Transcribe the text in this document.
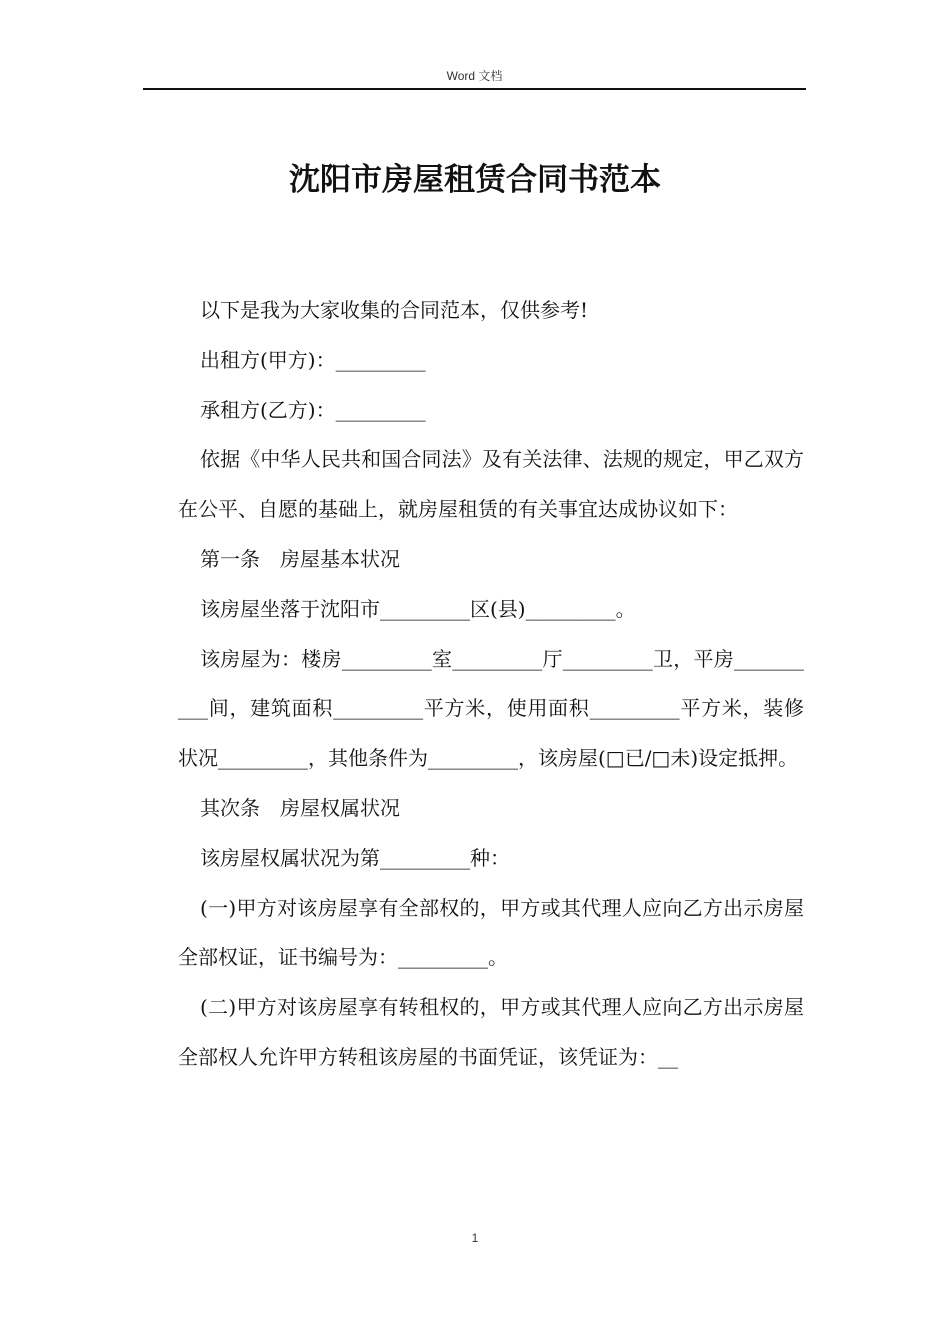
Word 文档
沈阳市房屋租赁合同书范本

以下是我为大家收集的合同范本，仅供参考!

出租方(甲方)：_________

承租方(乙方)：_________

依据《中华人民共和国合同法》及有关法律、法规的规定，甲乙双方在公平、自愿的基础上，就房屋租赁的有关事宜达成协议如下：

第一条　房屋基本状况

该房屋坐落于沈阳市_________区(县)_________。

该房屋为：楼房_________室_________厅_________卫，平房__________间，建筑面积_________平方米，使用面积_________平方米，装修状况_________，其他条件为_________，该房屋(□已/□未)设定抵押。

其次条　房屋权属状况

该房屋权属状况为第_________种：

(一)甲方对该房屋享有全部权的，甲方或其代理人应向乙方出示房屋全部权证，证书编号为：_________。

(二)甲方对该房屋享有转租权的，甲方或其代理人应向乙方出示房屋全部权人允许甲方转租该房屋的书面凭证，该凭证为：__

1
